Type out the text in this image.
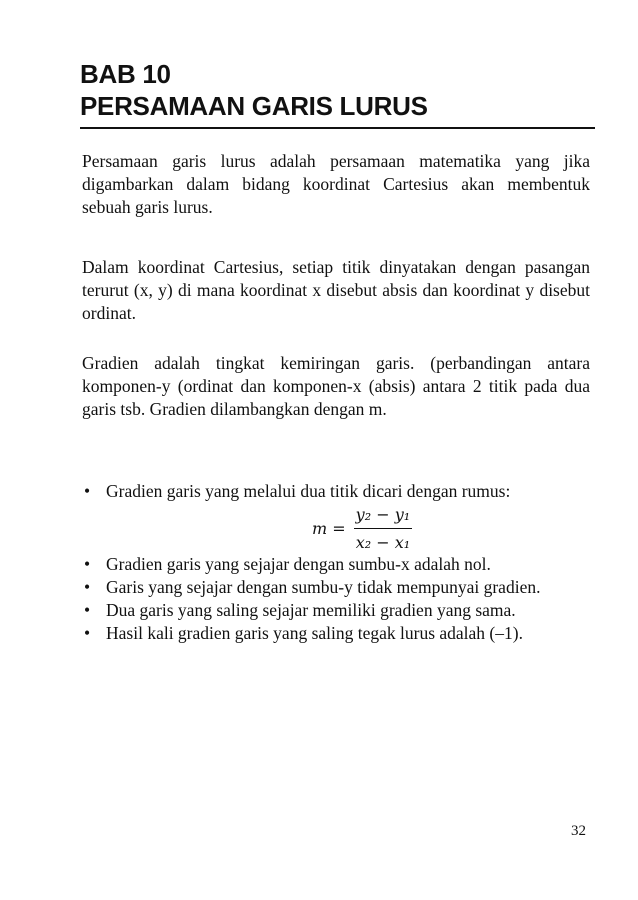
BAB 10
PERSAMAAN GARIS LURUS

Persamaan garis lurus adalah persamaan matematika yang jika digambarkan dalam bidang koordinat Cartesius akan membentuk sebuah garis lurus.

Dalam koordinat Cartesius, setiap titik dinyatakan dengan pasangan terurut (x, y) di mana koordinat x disebut absis dan koordinat y disebut ordinat.

Gradien adalah tingkat kemiringan garis. (perbandingan antara komponen-y (ordinat dan komponen-x (absis) antara 2 titik pada dua garis tsb. Gradien dilambangkan dengan m.

• Gradien garis yang melalui dua titik dicari dengan rumus:
$m = \frac{\text{y₂ − y₁}}{\text{x₂ − x₁}}$
• Gradien garis yang sejajar dengan sumbu-x adalah nol.
• Garis yang sejajar dengan sumbu-y tidak mempunyai gradien.
• Dua garis yang saling sejajar memiliki gradien yang sama.
• Hasil kali gradien garis yang saling tegak lurus adalah (–1).
32
